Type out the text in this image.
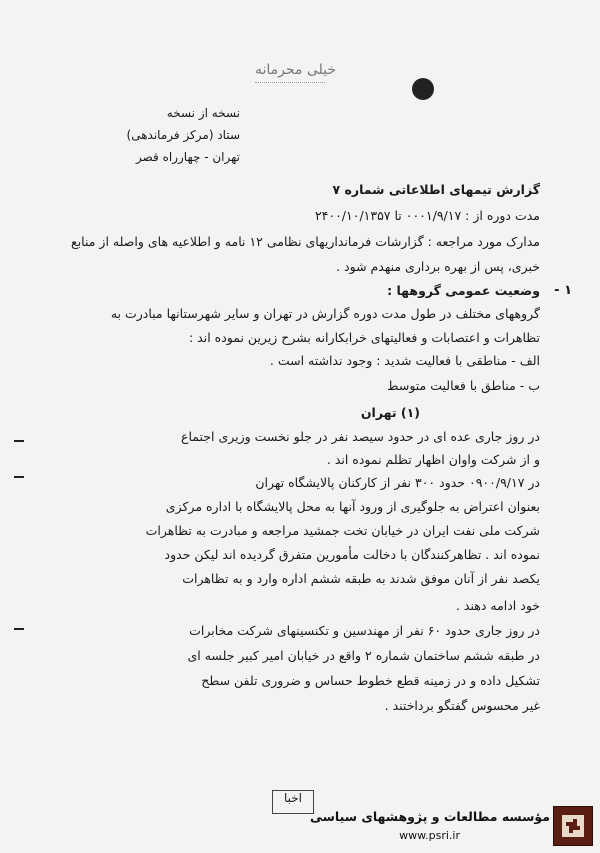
خیلی محرمانه
نسخه از نسخه
ستاد (مرکز فرماندهی)
تهران - چهارراه قصر
گزارش تیمهای اطلاعاتی شماره ۷
مدت دوره از : ۰۰۰۱/۹/۱۷ تا ۲۴۰۰/۱۰/۱۳۵۷
مدارک مورد مراجعه : گزارشات فرمانداریهای نظامی ۱۲ نامه و اطلاعیه های واصله از منابع
خبری، پس از بهره برداری منهدم شود .
۱ -
وضعیت عمومی گروهها :
گروههای مختلف در طول مدت دوره گزارش در تهران و سایر شهرستانها مبادرت به
تظاهرات و اعتصابات و فعالیتهای خرابکارانه بشرح زیرین نموده اند :
الف - مناطقی با فعالیت شدید : وجود نداشته است .
ب - مناطق با فعالیت متوسط
(۱) تهران
در روز جاری عده ای در حدود سیصد نفر در جلو نخست وزیری اجتماع
و از شرکت واوان اظهار تظلم نموده اند .
در ۰۹۰۰/۹/۱۷ حدود ۳۰۰ نفر از کارکنان پالایشگاه تهران
بعنوان اعتراض به جلوگیری از ورود آنها به محل پالایشگاه با اداره مرکزی
شرکت ملی نفت ایران در خیابان تخت جمشید مراجعه و مبادرت به تظاهرات
نموده اند . تظاهرکنندگان با دخالت مأمورین متفرق گردیده اند لیکن حدود
یکصد نفر از آنان موفق شدند به طبقه ششم اداره وارد و به تظاهرات
خود ادامه دهند .
در روز جاری حدود ۶۰ نفر از مهندسین و تکنسینهای شرکت مخابرات
در طبقه ششم ساختمان شماره ۲ واقع در خیابان امیر کبیر جلسه ای
تشکیل داده و در زمینه قطع خطوط حساس و ضروری تلفن سطح
غیر محسوس گفتگو برداختند .
اخبا
مؤسسه مطالعات و پژوهشهای سیاسی
www.psri.ir
